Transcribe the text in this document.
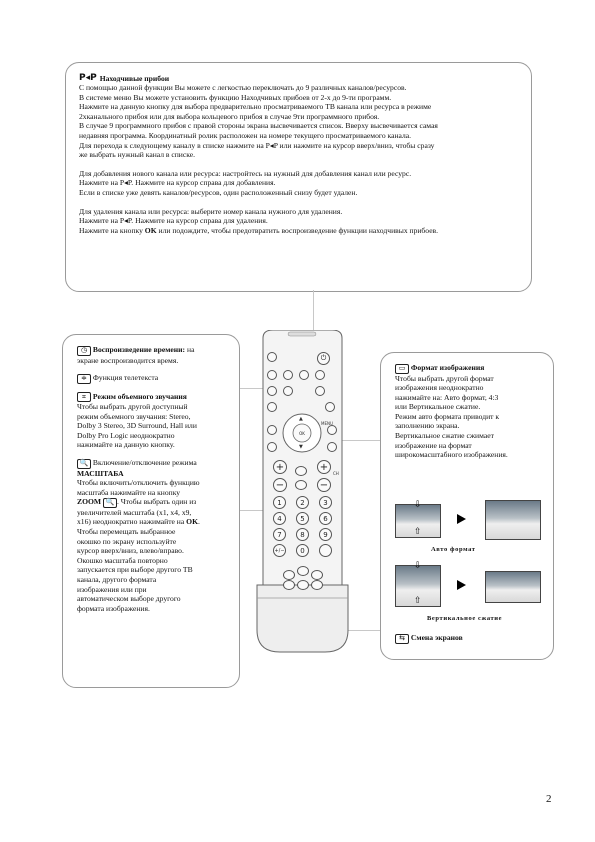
P◂P Находчивые прибои

С помощью данной функции Вы можете с легкостью переключать до 9 различных каналов/ресурсов.

В системе меню Вы можете установить функцию Находчивых прибоев от 2-х до 9-ти программ.

Нажмите на данную кнопку для выбора предварительно просматриваемого ТВ канала или ресурса в режиме

2хканального прибоя или для выбора кольцевого прибоя в случае 9ти программного прибоя.

В случае 9 программного прибоя с правой стороны экрана высвечивается список. Вверху высвечивается самая

недавняя программа. Координатный ролик расположен на номере текущего просматриваемого канала.

Для перехода к следующему каналу в списке нажмите на P◂P или нажмите на курсор вверх/вниз, чтобы сразу

же выбрать нужный канал в списке.

Для добавления нового канала или ресурса: настройтесь на нужный для добавления канал или ресурс.

Нажмите на P◂P. Нажмите на курсор справа для добавления.

Если в списке уже девять каналов/ресурсов, один расположенный снизу будет удален.

Для удаления канала или ресурса: выберите номер канала нужного для удаления.

Нажмите на P◂P. Нажмите на курсор справа для удаления.

Нажмите на кнопку OK или подождите, чтобы предотвратить воспроизведение функции находчивых прибоев.

◷ Воспроизведение времени: на

экране воспроизводится время.

≑ Функция телетекста

⌗ Режим объемного звучания

Чтобы выбрать другой доступный

режим объемного звучания: Stereo,

Dolby 3 Stereo, 3D Surround, Hall или

Dolby Pro Logic неоднократно

нажимайте на данную кнопку.

🔍 Включение/отключение режима

МАСШТАБА

Чтобы включить/отключить функцию

масштаба нажимайте на кнопку

ZOOM 🔍 . Чтобы выбрать один из

увеличителей масштаба (x1, x4, x9,

x16) неоднократно нажимайте на OK.

Чтобы перемещать выбранное

окошко по экрану используйте

курсор вверх/вниз, влево/вправо.

Окошко масштаба повторно

запускается при выборе другого ТВ

канала, другого формата

изображения или при

автоматическом выборе другого

формата изображения.

⏻
▲
▼
OK
MENU
+	+
CH
−	−
1	2	3
4	5	6
7	8	9
+/−	0

▭ Формат изображения

Чтобы выбрать другой формат

изображения неоднократно

нажимайте на: Авто формат, 4:3

или Вертикальное сжатие.

Режим авто формата приводит к

заполнению экрана.

Вертикальное сжатие сжимает

изображение на формат

широкомасштабного изображения.

⇩
⇧
Авто формат
⇩
⇧
Вертикальное сжатие

⇆ Смена экранов

2
